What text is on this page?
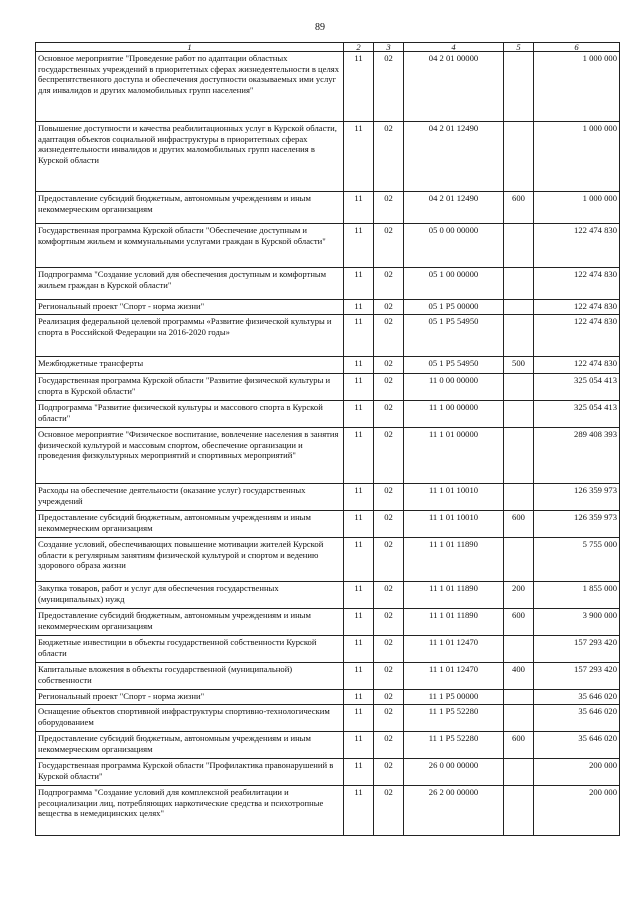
89
1	2	3	4	5	6
Основное мероприятие "Проведение работ по адаптации областных государственных учреждений в приоритетных сферах жизнедеятельности в целях беспрепятственного доступа и обеспечения доступности оказываемых ими услуг для инвалидов и других маломобильных групп населения"	11	02	04 2 01 00000		1 000 000
Повышение доступности и качества реабилитационных услуг в Курской области, адаптация объектов социальной инфраструктуры в приоритетных сферах жизнедеятельности инвалидов и других маломобильных групп населения в Курской области	11	02	04 2 01 12490		1 000 000
Предоставление субсидий бюджетным, автономным учреждениям и иным некоммерческим организациям	11	02	04 2 01 12490	600	1 000 000
Государственная программа Курской области "Обеспечение доступным и комфортным жильем и коммунальными услугами граждан в Курской области"	11	02	05 0 00 00000		122 474 830
Подпрограмма "Создание условий для обеспечения доступным и комфортным жильем граждан в Курской области"	11	02	05 1 00 00000		122 474 830
Региональный проект "Спорт - норма жизни"	11	02	05 1 P5 00000		122 474 830
Реализация федеральной целевой программы «Развитие физической культуры и спорта в Российской Федерации на 2016-2020 годы»	11	02	05 1 P5 54950		122 474 830
Межбюджетные трансферты	11	02	05 1 P5 54950	500	122 474 830
Государственная программа Курской области "Развитие физической культуры и спорта в Курской области"	11	02	11 0 00 00000		325 054 413
Подпрограмма "Развитие физической культуры и массового спорта в Курской области"	11	02	11 1 00 00000		325 054 413
Основное мероприятие "Физическое воспитание, вовлечение населения в занятия физической культурой и массовым спортом, обеспечение организации и проведения физкультурных мероприятий и спортивных мероприятий"	11	02	11 1 01 00000		289 408 393
Расходы на обеспечение деятельности (оказание услуг) государственных учреждений	11	02	11 1 01 10010		126 359 973
Предоставление субсидий бюджетным, автономным учреждениям и иным некоммерческим организациям	11	02	11 1 01 10010	600	126 359 973
Создание условий, обеспечивающих повышение мотивации жителей Курской области к регулярным занятиям физической культурой и спортом и ведению здорового образа жизни	11	02	11 1 01 11890		5 755 000
Закупка товаров, работ и услуг для обеспечения государственных (муниципальных) нужд	11	02	11 1 01 11890	200	1 855 000
Предоставление субсидий бюджетным, автономным учреждениям и иным некоммерческим организациям	11	02	11 1 01 11890	600	3 900 000
Бюджетные инвестиции в объекты государственной собственности Курской области	11	02	11 1 01 12470		157 293 420
Капитальные вложения в объекты государственной (муниципальной) собственности	11	02	11 1 01 12470	400	157 293 420
Региональный проект "Спорт - норма жизни"	11	02	11 1 P5 00000		35 646 020
Оснащение объектов спортивной инфраструктуры спортивно-технологическим оборудованием	11	02	11 1 P5 52280		35 646 020
Предоставление субсидий бюджетным, автономным учреждениям и иным некоммерческим организациям	11	02	11 1 P5 52280	600	35 646 020
Государственная программа Курской области "Профилактика правонарушений в Курской области"	11	02	26 0 00 00000		200 000
Подпрограмма "Создание условий для комплексной реабилитации и ресоциализации лиц, потребляющих наркотические средства и психотропные вещества в немедицинских целях"	11	02	26 2 00 00000		200 000
